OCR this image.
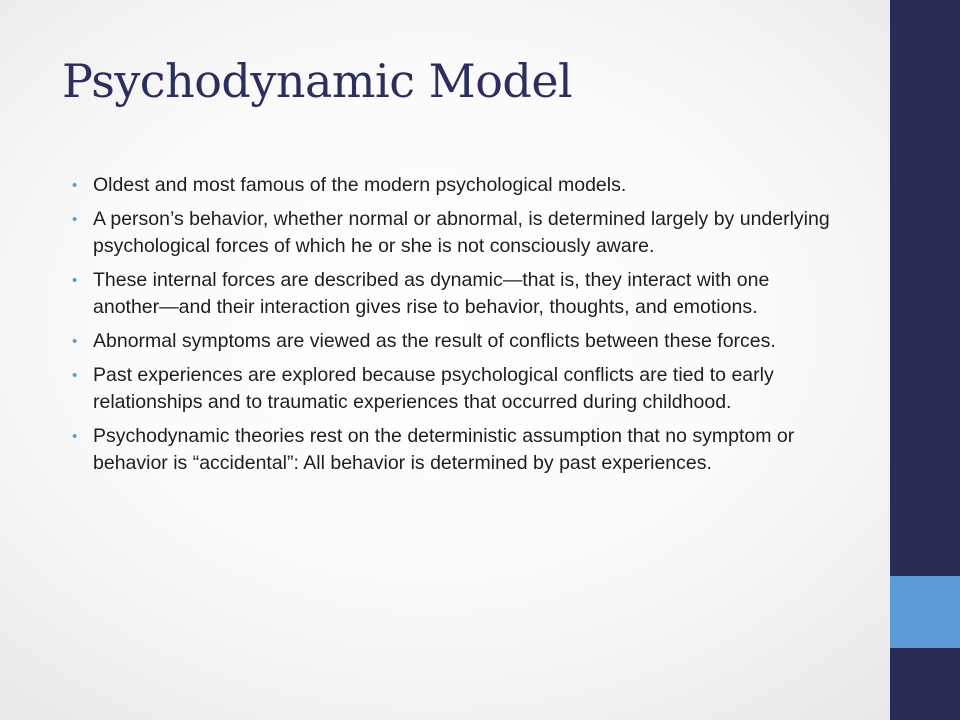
Psychodynamic Model
• Oldest and most famous of the modern psychological models.
• A person’s behavior, whether normal or abnormal, is determined largely by underlying psychological forces of which he or she is not consciously aware.
• These internal forces are described as dynamic—that is, they interact with one another—and their interaction gives rise to behavior, thoughts, and emotions.
• Abnormal symptoms are viewed as the result of conflicts between these forces.
• Past experiences are explored because psychological conflicts are tied to early relationships and to traumatic experiences that occurred during childhood.
• Psychodynamic theories rest on the deterministic assumption that no symptom or behavior is “accidental”: All behavior is determined by past experiences.
